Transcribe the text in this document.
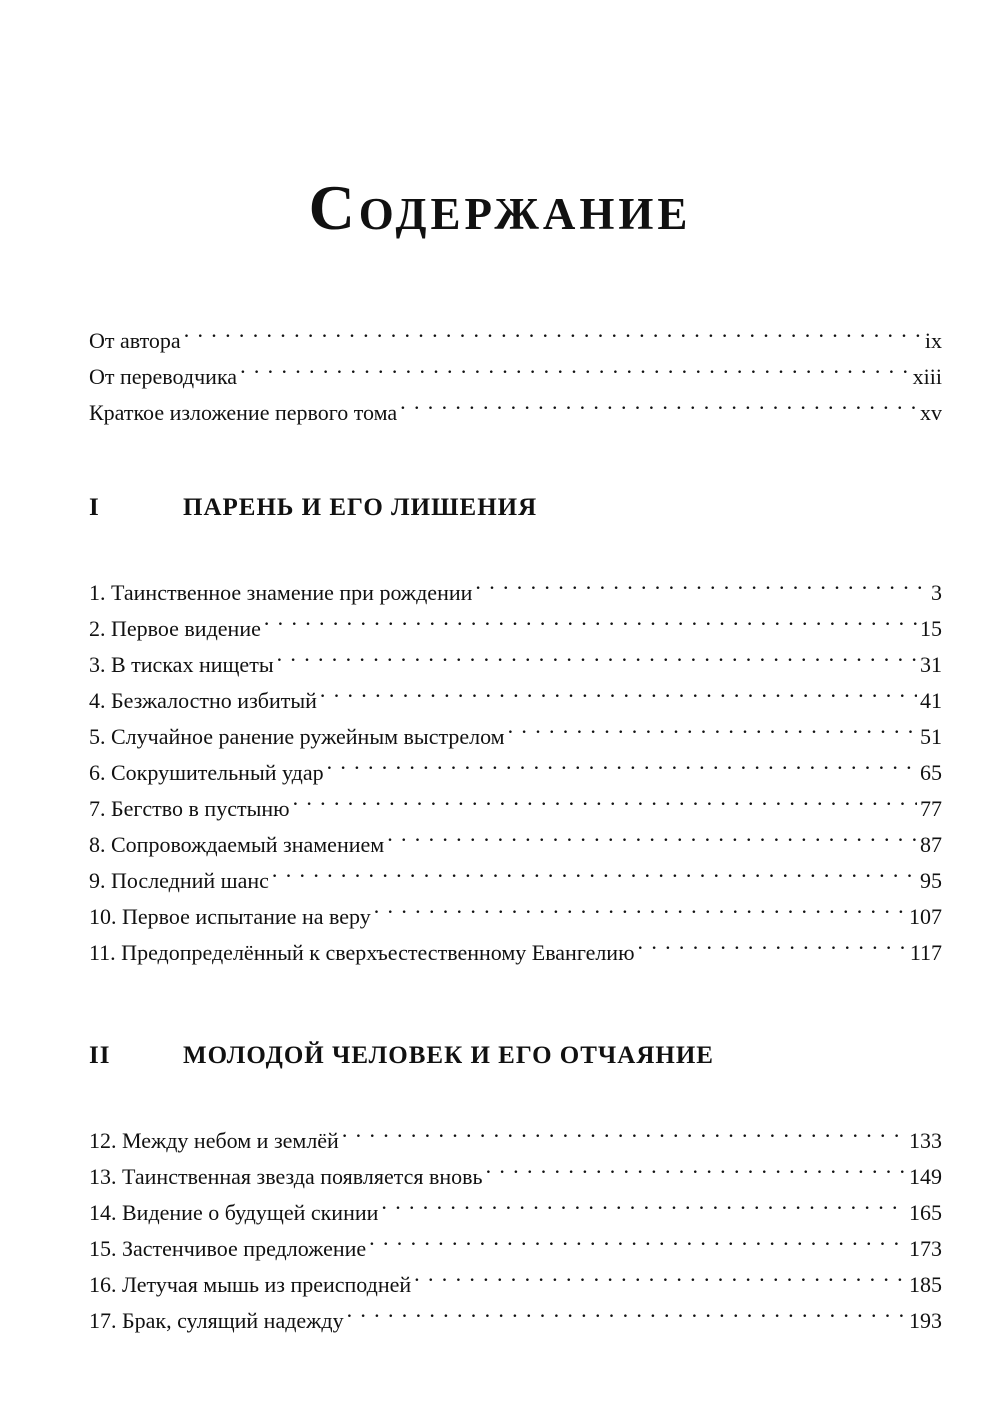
Содержание
От автора . . .	ix
От переводчика . . .	xiii
Краткое изложение первого тома . . .	xv
I	ПАРЕНЬ И ЕГО ЛИШЕНИЯ
1. Таинственное знамение при рождении . . .	3
2. Первое видение . . .	15
3. В тисках нищеты . . .	31
4. Безжалостно избитый . . .	41
5. Случайное ранение ружейным выстрелом . . .	51
6. Сокрушительный удар . . .	65
7. Бегство в пустыню . . .	77
8. Сопровождаемый знамением . . .	87
9. Последний шанс . . .	95
10. Первое испытание на веру . . .	107
11. Предопределённый к сверхъестественному Евангелию . . .	117
II	МОЛОДОЙ ЧЕЛОВЕК И ЕГО ОТЧАЯНИЕ
12. Между небом и землёй . . .	133
13. Таинственная звезда появляется вновь . . .	149
14. Видение о будущей скинии . . .	165
15. Застенчивое предложение . . .	173
16. Летучая мышь из преисподней . . .	185
17. Брак, сулящий надежду . . .	193
